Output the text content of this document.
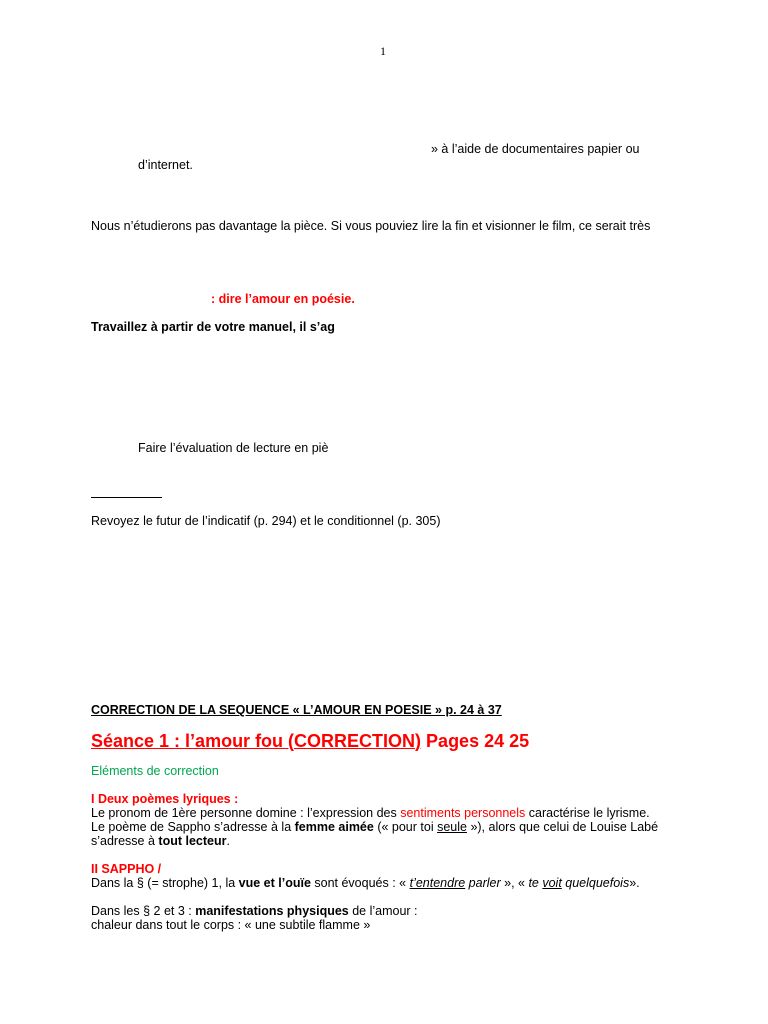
1
» à l’aide de documentaires papier ou
d’internet.
Nous n’étudierons pas davantage la pièce. Si vous pouviez lire la fin et visionner le film, ce serait très
: dire l’amour en poésie.
Travaillez à partir de votre manuel, il s’ag
Faire l’évaluation de lecture en piè
Revoyez le futur de l’indicatif (p. 294) et le conditionnel (p. 305)
CORRECTION DE LA SEQUENCE « L’AMOUR EN POESIE » p. 24 à 37
Séance 1 : l’amour fou (CORRECTION) Pages 24 25
Eléments de correction
I Deux poèmes lyriques :
Le pronom de 1ère personne domine : l’expression des sentiments personnels caractérise le lyrisme.
Le poème de Sappho s’adresse à la femme aimée (« pour toi seule »), alors que celui de Louise Labé
s’adresse à tout lecteur.
II SAPPHO /
Dans la § (= strophe) 1, la vue et l’ouïe sont évoqués : « t’entendre parler », « te voit quelquefois».
Dans les § 2 et 3 : manifestations physiques de l’amour :
chaleur dans tout le corps : « une subtile flamme »
